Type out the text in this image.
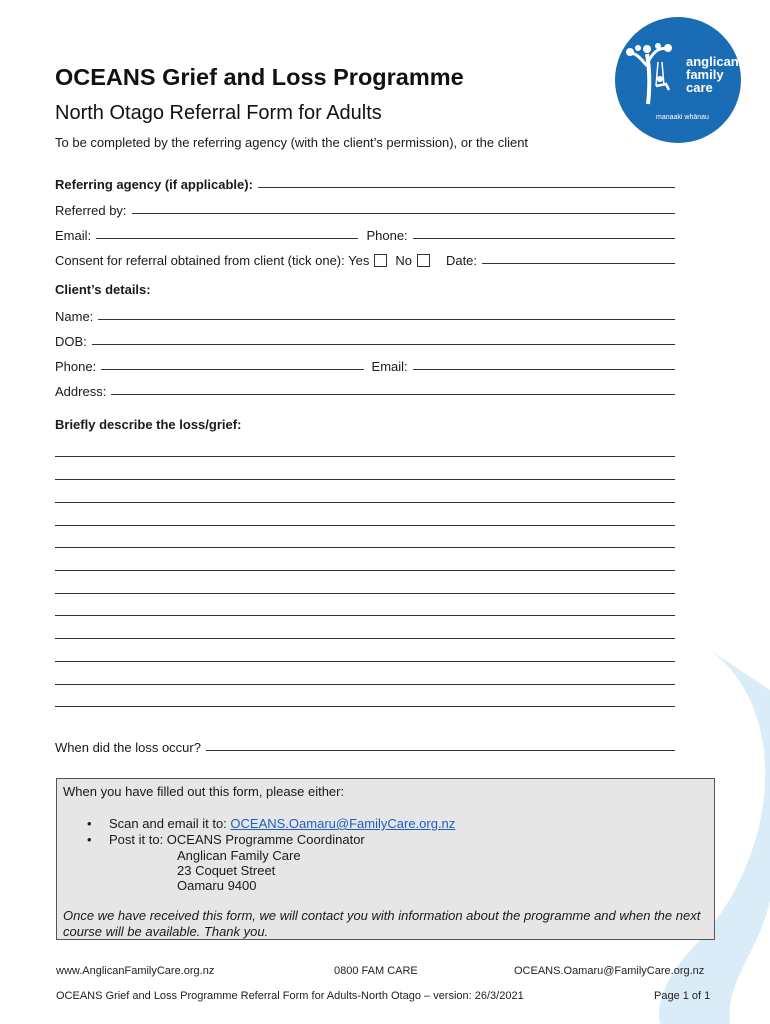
anglican
family
care
manaaki whānau
OCEANS Grief and Loss Programme
North Otago Referral Form for Adults
To be completed by the referring agency (with the client’s permission), or the client
Referring agency (if applicable):
Referred by:
Email:	Phone:
Consent for referral obtained from client (tick one): Yes No	Date:
Client’s details:
Name:
DOB:
Phone:	Email:
Address:
Briefly describe the loss/grief:
When did the loss occur?
When you have filled out this form, please either:
• Scan and email it to: OCEANS.Oamaru@FamilyCare.org.nz
• Post it to: OCEANS Programme Coordinator
Anglican Family Care
23 Coquet Street
Oamaru 9400
Once we have received this form, we will contact you with information about the programme and when the next course will be available. Thank you.
www.AnglicanFamilyCare.org.nz	0800 FAM CARE	OCEANS.Oamaru@FamilyCare.org.nz
OCEANS Grief and Loss Programme Referral Form for Adults-North Otago – version: 26/3/2021	Page 1 of 1
